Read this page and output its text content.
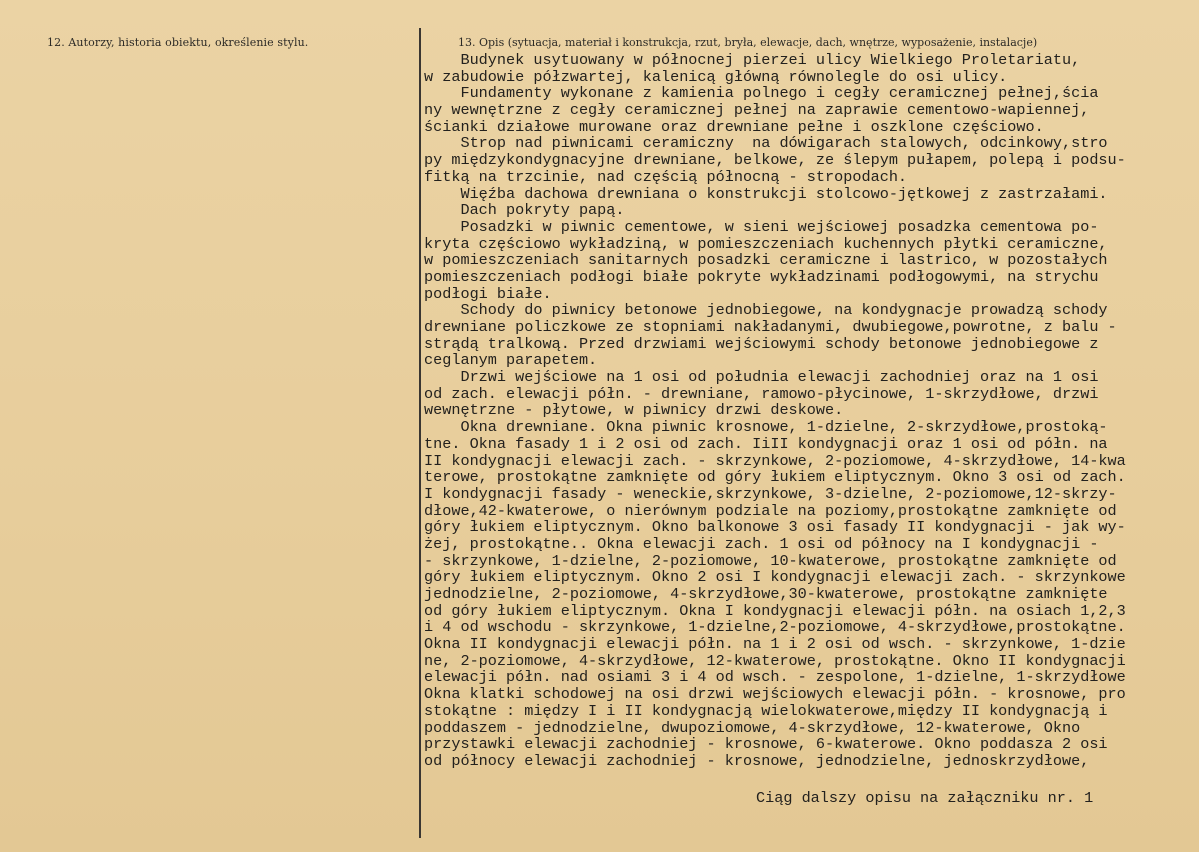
12. Autorzy, historia obiektu, określenie stylu.	13. Opis (sytuacja, materiał i konstrukcja, rzut, bryła, elewacje, dach, wnętrze, wyposażenie, instalacje)
Budynek usytuowany w północnej pierzei ulicy Wielkiego Proletariatu,
w zabudowie półzwartej, kalenicą główną równolegle do osi ulicy.
Fundamenty wykonane z kamienia polnego i cegły ceramicznej pełnej,ścia
ny wewnętrzne z cegły ceramicznej pełnej na zaprawie cementowo-wapiennej,
ścianki działowe murowane oraz drewniane pełne i oszklone częściowo.
Strop nad piwnicami ceramiczny  na dówigarach stalowych, odcinkowy,stro
py międzykondygnacyjne drewniane, belkowe, ze ślepym pułapem, polepą i podsu-
fitką na trzcinie, nad częścią północną - stropodach.
Więźba dachowa drewniana o konstrukcji stolcowo-jętkowej z zastrzałami.
Dach pokryty papą.
Posadzki w piwnic cementowe, w sieni wejściowej posadzka cementowa po-
kryta częściowo wykładziną, w pomieszczeniach kuchennych płytki ceramiczne,
w pomieszczeniach sanitarnych posadzki ceramiczne i lastrico, w pozostałych
pomieszczeniach podłogi białe pokryte wykładzinami podłogowymi, na strychu
podłogi białe.
Schody do piwnicy betonowe jednobiegowe, na kondygnacje prowadzą schody
drewniane policzkowe ze stopniami nakładanymi, dwubiegowe,powrotne, z balu -
strądą tralkową. Przed drzwiami wejściowymi schody betonowe jednobiegowe z
ceglanym parapetem.
Drzwi wejściowe na 1 osi od południa elewacji zachodniej oraz na 1 osi
od zach. elewacji półn. - drewniane, ramowo-płycinowe, 1-skrzydłowe, drzwi
wewnętrzne - płytowe, w piwnicy drzwi deskowe.
Okna drewniane. Okna piwnic krosnowe, 1-dzielne, 2-skrzydłowe,prostoką-
tne. Okna fasady 1 i 2 osi od zach. IiII kondygnacji oraz 1 osi od półn. na
II kondygnacji elewacji zach. - skrzynkowe, 2-poziomowe, 4-skrzydłowe, 14-kwa
terowe, prostokątne zamknięte od góry łukiem eliptycznym. Okno 3 osi od zach.
I kondygnacji fasady - weneckie,skrzynkowe, 3-dzielne, 2-poziomowe,12-skrzy-
dłowe,42-kwaterowe, o nierównym podziale na poziomy,prostokątne zamknięte od
góry łukiem eliptycznym. Okno balkonowe 3 osi fasady II kondygnacji - jak wy-
żej, prostokątne.. Okna elewacji zach. 1 osi od północy na I kondygnacji -
- skrzynkowe, 1-dzielne, 2-poziomowe, 10-kwaterowe, prostokątne zamknięte od
góry łukiem eliptycznym. Okno 2 osi I kondygnacji elewacji zach. - skrzynkowe
jednodzielne, 2-poziomowe, 4-skrzydłowe,30-kwaterowe, prostokątne zamknięte
od góry łukiem eliptycznym. Okna I kondygnacji elewacji półn. na osiach 1,2,3
i 4 od wschodu - skrzynkowe, 1-dzielne,2-poziomowe, 4-skrzydłowe,prostokątne.
Okna II kondygnacji elewacji półn. na 1 i 2 osi od wsch. - skrzynkowe, 1-dzie
ne, 2-poziomowe, 4-skrzydłowe, 12-kwaterowe, prostokątne. Okno II kondygnacji
elewacji półn. nad osiami 3 i 4 od wsch. - zespolone, 1-dzielne, 1-skrzydłowe
Okna klatki schodowej na osi drzwi wejściowych elewacji półn. - krosnowe, pro
stokątne : między I i II kondygnacją wielokwaterowe,między II kondygnacją i
poddaszem - jednodzielne, dwupoziomowe, 4-skrzydłowe, 12-kwaterowe, Okno
przystawki elewacji zachodniej - krosnowe, 6-kwaterowe. Okno poddasza 2 osi
od północy elewacji zachodniej - krosnowe, jednodzielne, jednoskrzydłowe,
Ciąg dalszy opisu na załączniku nr. 1
